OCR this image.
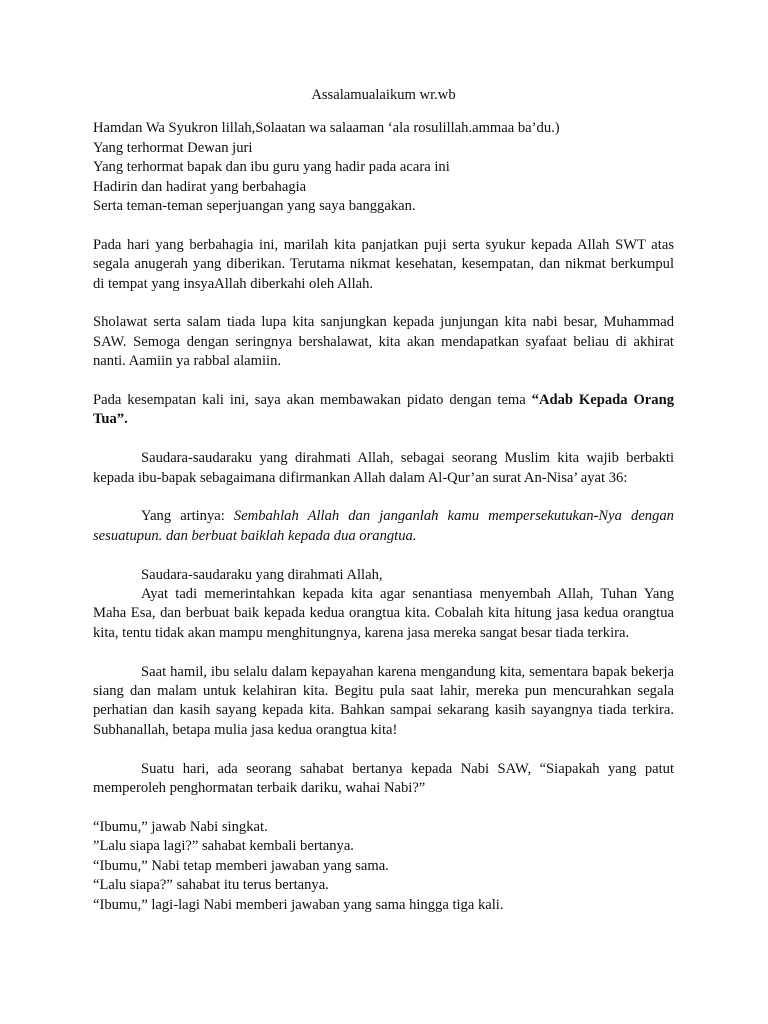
Assalamualaikum wr.wb

Hamdan Wa Syukron lillah,Solaatan wa salaaman ‘ala rosulillah.ammaa ba’du.)
Yang terhormat Dewan juri
Yang terhormat bapak dan ibu guru yang hadir pada acara ini
Hadirin dan hadirat yang berbahagia
Serta teman-teman seperjuangan yang saya banggakan.

Pada hari yang berbahagia ini, marilah kita panjatkan puji serta syukur kepada Allah SWT atas segala anugerah yang diberikan. Terutama nikmat kesehatan, kesempatan, dan nikmat berkumpul di tempat yang insyaAllah diberkahi oleh Allah.

Sholawat serta salam tiada lupa kita sanjungkan kepada junjungan kita nabi besar, Muhammad SAW. Semoga dengan seringnya bershalawat, kita akan mendapatkan syafaat beliau di akhirat nanti. Aamiin ya rabbal alamiin.

Pada kesempatan kali ini, saya akan membawakan pidato dengan tema “Adab Kepada Orang Tua”.

Saudara-saudaraku yang dirahmati Allah, sebagai seorang Muslim kita wajib berbakti kepada ibu-bapak sebagaimana difirmankan Allah dalam Al-Qur’an surat An-Nisa’ ayat 36:

Yang artinya: Sembahlah Allah dan janganlah kamu mempersekutukan-Nya dengan sesuatupun. dan berbuat baiklah kepada dua orangtua.

Saudara-saudaraku yang dirahmati Allah,

Ayat tadi memerintahkan kepada kita agar senantiasa menyembah Allah, Tuhan Yang Maha Esa, dan berbuat baik kepada kedua orangtua kita. Cobalah kita hitung jasa kedua orangtua kita, tentu tidak akan mampu menghitungnya, karena jasa mereka sangat besar tiada terkira.

Saat hamil, ibu selalu dalam kepayahan karena mengandung kita, sementara bapak bekerja siang dan malam untuk kelahiran kita. Begitu pula saat lahir, mereka pun mencurahkan segala perhatian dan kasih sayang kepada kita. Bahkan sampai sekarang kasih sayangnya tiada terkira. Subhanallah, betapa mulia jasa kedua orangtua kita!

Suatu hari, ada seorang sahabat bertanya kepada Nabi SAW, “Siapakah yang patut memperoleh penghormatan terbaik dariku, wahai Nabi?”

“Ibumu,” jawab Nabi singkat.
”Lalu siapa lagi?” sahabat kembali bertanya.
“Ibumu,” Nabi tetap memberi jawaban yang sama.
“Lalu siapa?” sahabat itu terus bertanya.
“Ibumu,” lagi-lagi Nabi memberi jawaban yang sama hingga tiga kali.
